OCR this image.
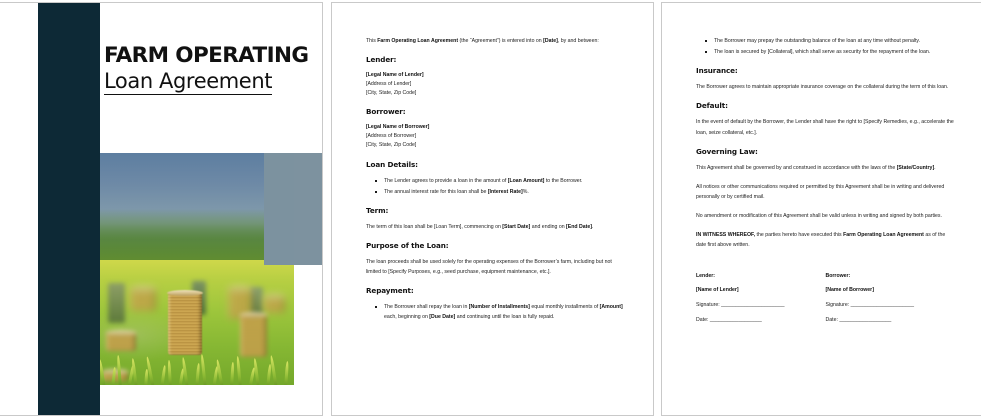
FARM OPERATING
Loan Agreement

This Farm Operating Loan Agreement (the “Agreement”) is entered into on [Date], by and between:

Lender:

[Legal Name of Lender]

[Address of Lender]

[City, State, Zip Code]

Borrower:

[Legal Name of Borrower]

[Address of Borrower]

[City, State, Zip Code]

Loan Details:
The Lender agrees to provide a loan in the amount of [Loan Amount] to the Borrower.
The annual interest rate for this loan shall be [Interest Rate]%.
Term:

The term of this loan shall be [Loan Term], commencing on [Start Date] and ending on [End Date].

Purpose of the Loan:

The loan proceeds shall be used solely for the operating expenses of the Borrower’s farm, including but not limited to [Specify Purposes, e.g., seed purchase, equipment maintenance, etc.].

Repayment:
The Borrower shall repay the loan in [Number of Installments] equal monthly installments of [Amount] each, beginning on [Due Date] and continuing until the loan is fully repaid.
The Borrower may prepay the outstanding balance of the loan at any time without penalty.
The loan is secured by [Collateral], which shall serve as security for the repayment of the loan.
Insurance:

The Borrower agrees to maintain appropriate insurance coverage on the collateral during the term of this loan.

Default:

In the event of default by the Borrower, the Lender shall have the right to [Specify Remedies, e.g., accelerate the loan, seize collateral, etc.].

Governing Law:

This Agreement shall be governed by and construed in accordance with the laws of the [State/Country].

All notices or other communications required or permitted by this Agreement shall be in writing and delivered personally or by certified mail.

No amendment or modification of this Agreement shall be valid unless in writing and signed by both parties.

IN WITNESS WHEREOF, the parties hereto have executed this Farm Operating Loan Agreement as of the date first above written.

Lender:

[Name of Lender]

Signature: ______________________

Date: __________________

Borrower:

[Name of Borrower]

Signature: ______________________

Date: __________________
